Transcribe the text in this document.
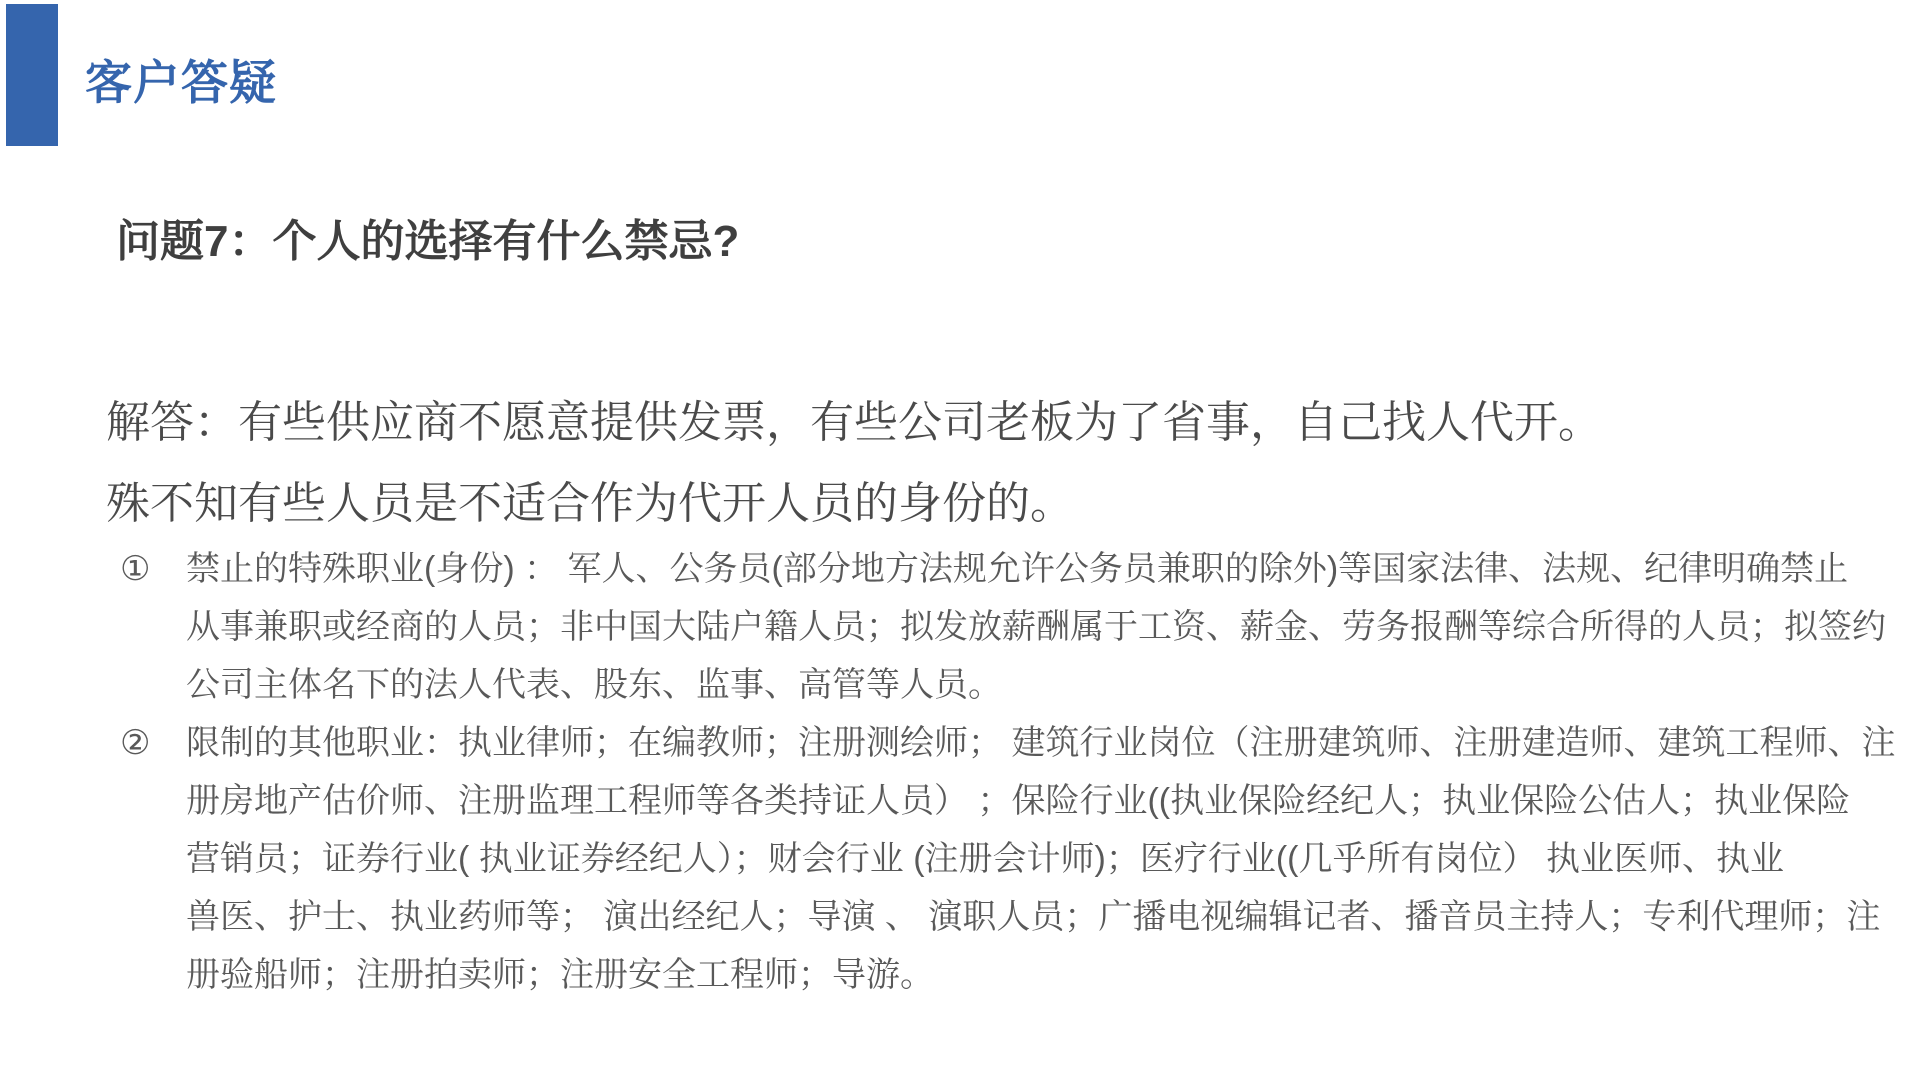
客户答疑
问题7：个人的选择有什么禁忌?

解答：有些供应商不愿意提供发票，有些公司老板为了省事，自己找人代开。

殊不知有些人员是不适合作为代开人员的身份的。

①	禁止的特殊职业(身份) ： 军人、公务员(部分地方法规允许公务员兼职的除外)等国家法律、法规、纪律明确禁止
从事兼职或经商的人员；非中国大陆户籍人员；拟发放薪酬属于工资、薪金、劳务报酬等综合所得的人员；拟签约
公司主体名下的法人代表、股东、监事、高管等人员。
②	限制的其他职业：执业律师；在编教师；注册测绘师； 建筑行业岗位（注册建筑师、注册建造师、建筑工程师、注
册房地产估价师、注册监理工程师等各类持证人员） ；保险行业((执业保险经纪人；执业保险公估人；执业保险
营销员；证券行业( 执业证券经纪人）；财会行业 (注册会计师)；医疗行业((几乎所有岗位） 执业医师、执业
兽医、护士、执业药师等； 演出经纪人；导演 、 演职人员；广播电视编辑记者、播音员主持人；专利代理师；注
册验船师；注册拍卖师；注册安全工程师；导游。
